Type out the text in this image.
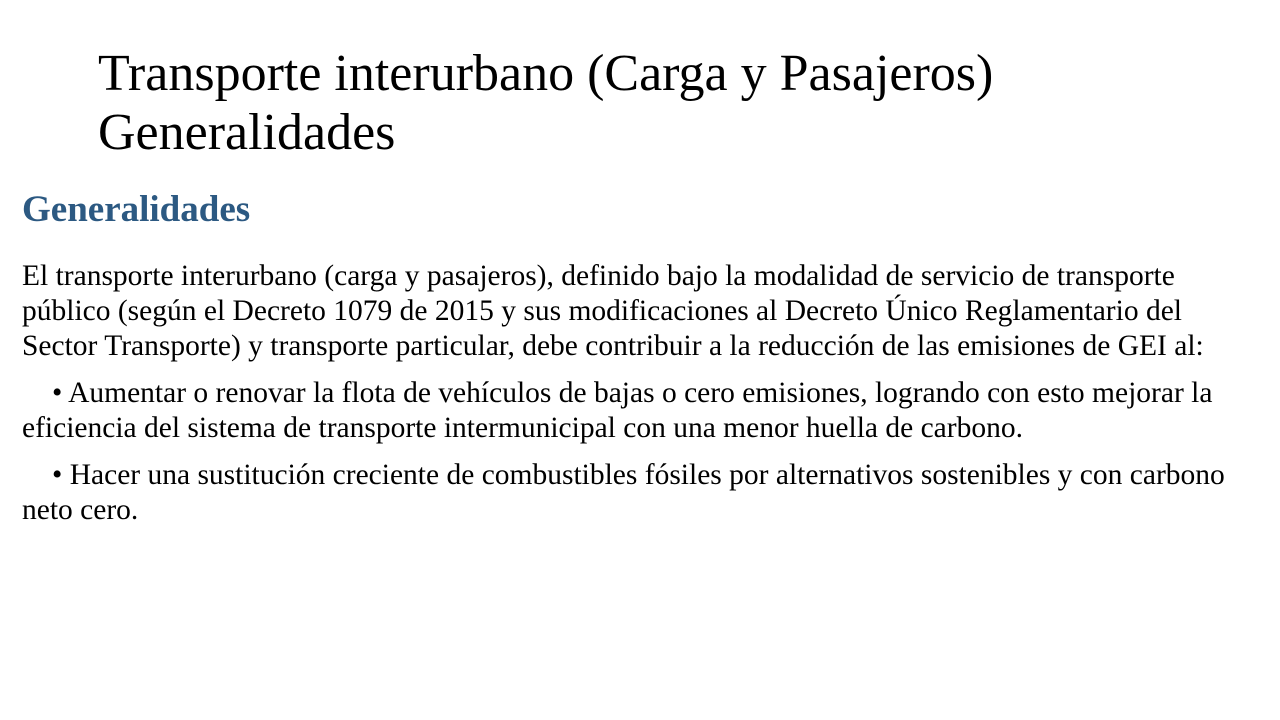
Transporte interurbano (Carga y Pasajeros)
Generalidades
Generalidades

El transporte interurbano (carga y pasajeros), definido bajo la modalidad de servicio de transporte público (según el Decreto 1079 de 2015 y sus modificaciones al Decreto Único Reglamentario del Sector Transporte) y transporte particular, debe contribuir a la reducción de las emisiones de GEI al:

• Aumentar o renovar la flota de vehículos de bajas o cero emisiones, logrando con esto mejorar la eficiencia del sistema de transporte intermunicipal con una menor huella de carbono.

• Hacer una sustitución creciente de combustibles fósiles por alternativos sostenibles y con carbono neto cero.
